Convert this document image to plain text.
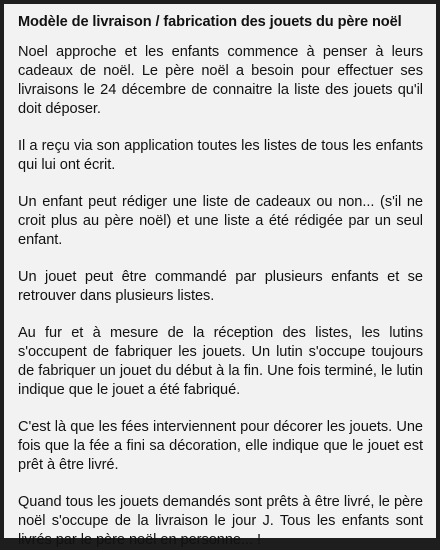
Modèle de livraison / fabrication des jouets du père noël

Noel approche et les enfants commence à penser à leurs cadeaux de noël. Le père noël a besoin pour effectuer ses livraisons le 24 décembre de connaitre la liste des jouets qu'il doit déposer.

Il a reçu via son application toutes les listes de tous les enfants qui lui ont écrit.

Un enfant peut rédiger une liste de cadeaux ou non... (s'il ne croit plus au père noël) et une liste a été rédigée par un seul enfant.

Un jouet peut être commandé par plusieurs enfants et se retrouver dans plusieurs listes.

Au fur et à mesure de la réception des listes, les lutins s'occupent de fabriquer les jouets. Un lutin s'occupe toujours de fabriquer un jouet du début à la fin. Une fois terminé, le lutin indique que le jouet a été fabriqué.

C'est là que les fées interviennent pour décorer les jouets. Une fois que la fée a fini sa décoration, elle indique que le jouet est prêt à être livré.

Quand tous les jouets demandés sont prêts à être livré, le père noël s'occupe de la livraison le jour J. Tous les enfants sont livrés par le père noël en personne... !
